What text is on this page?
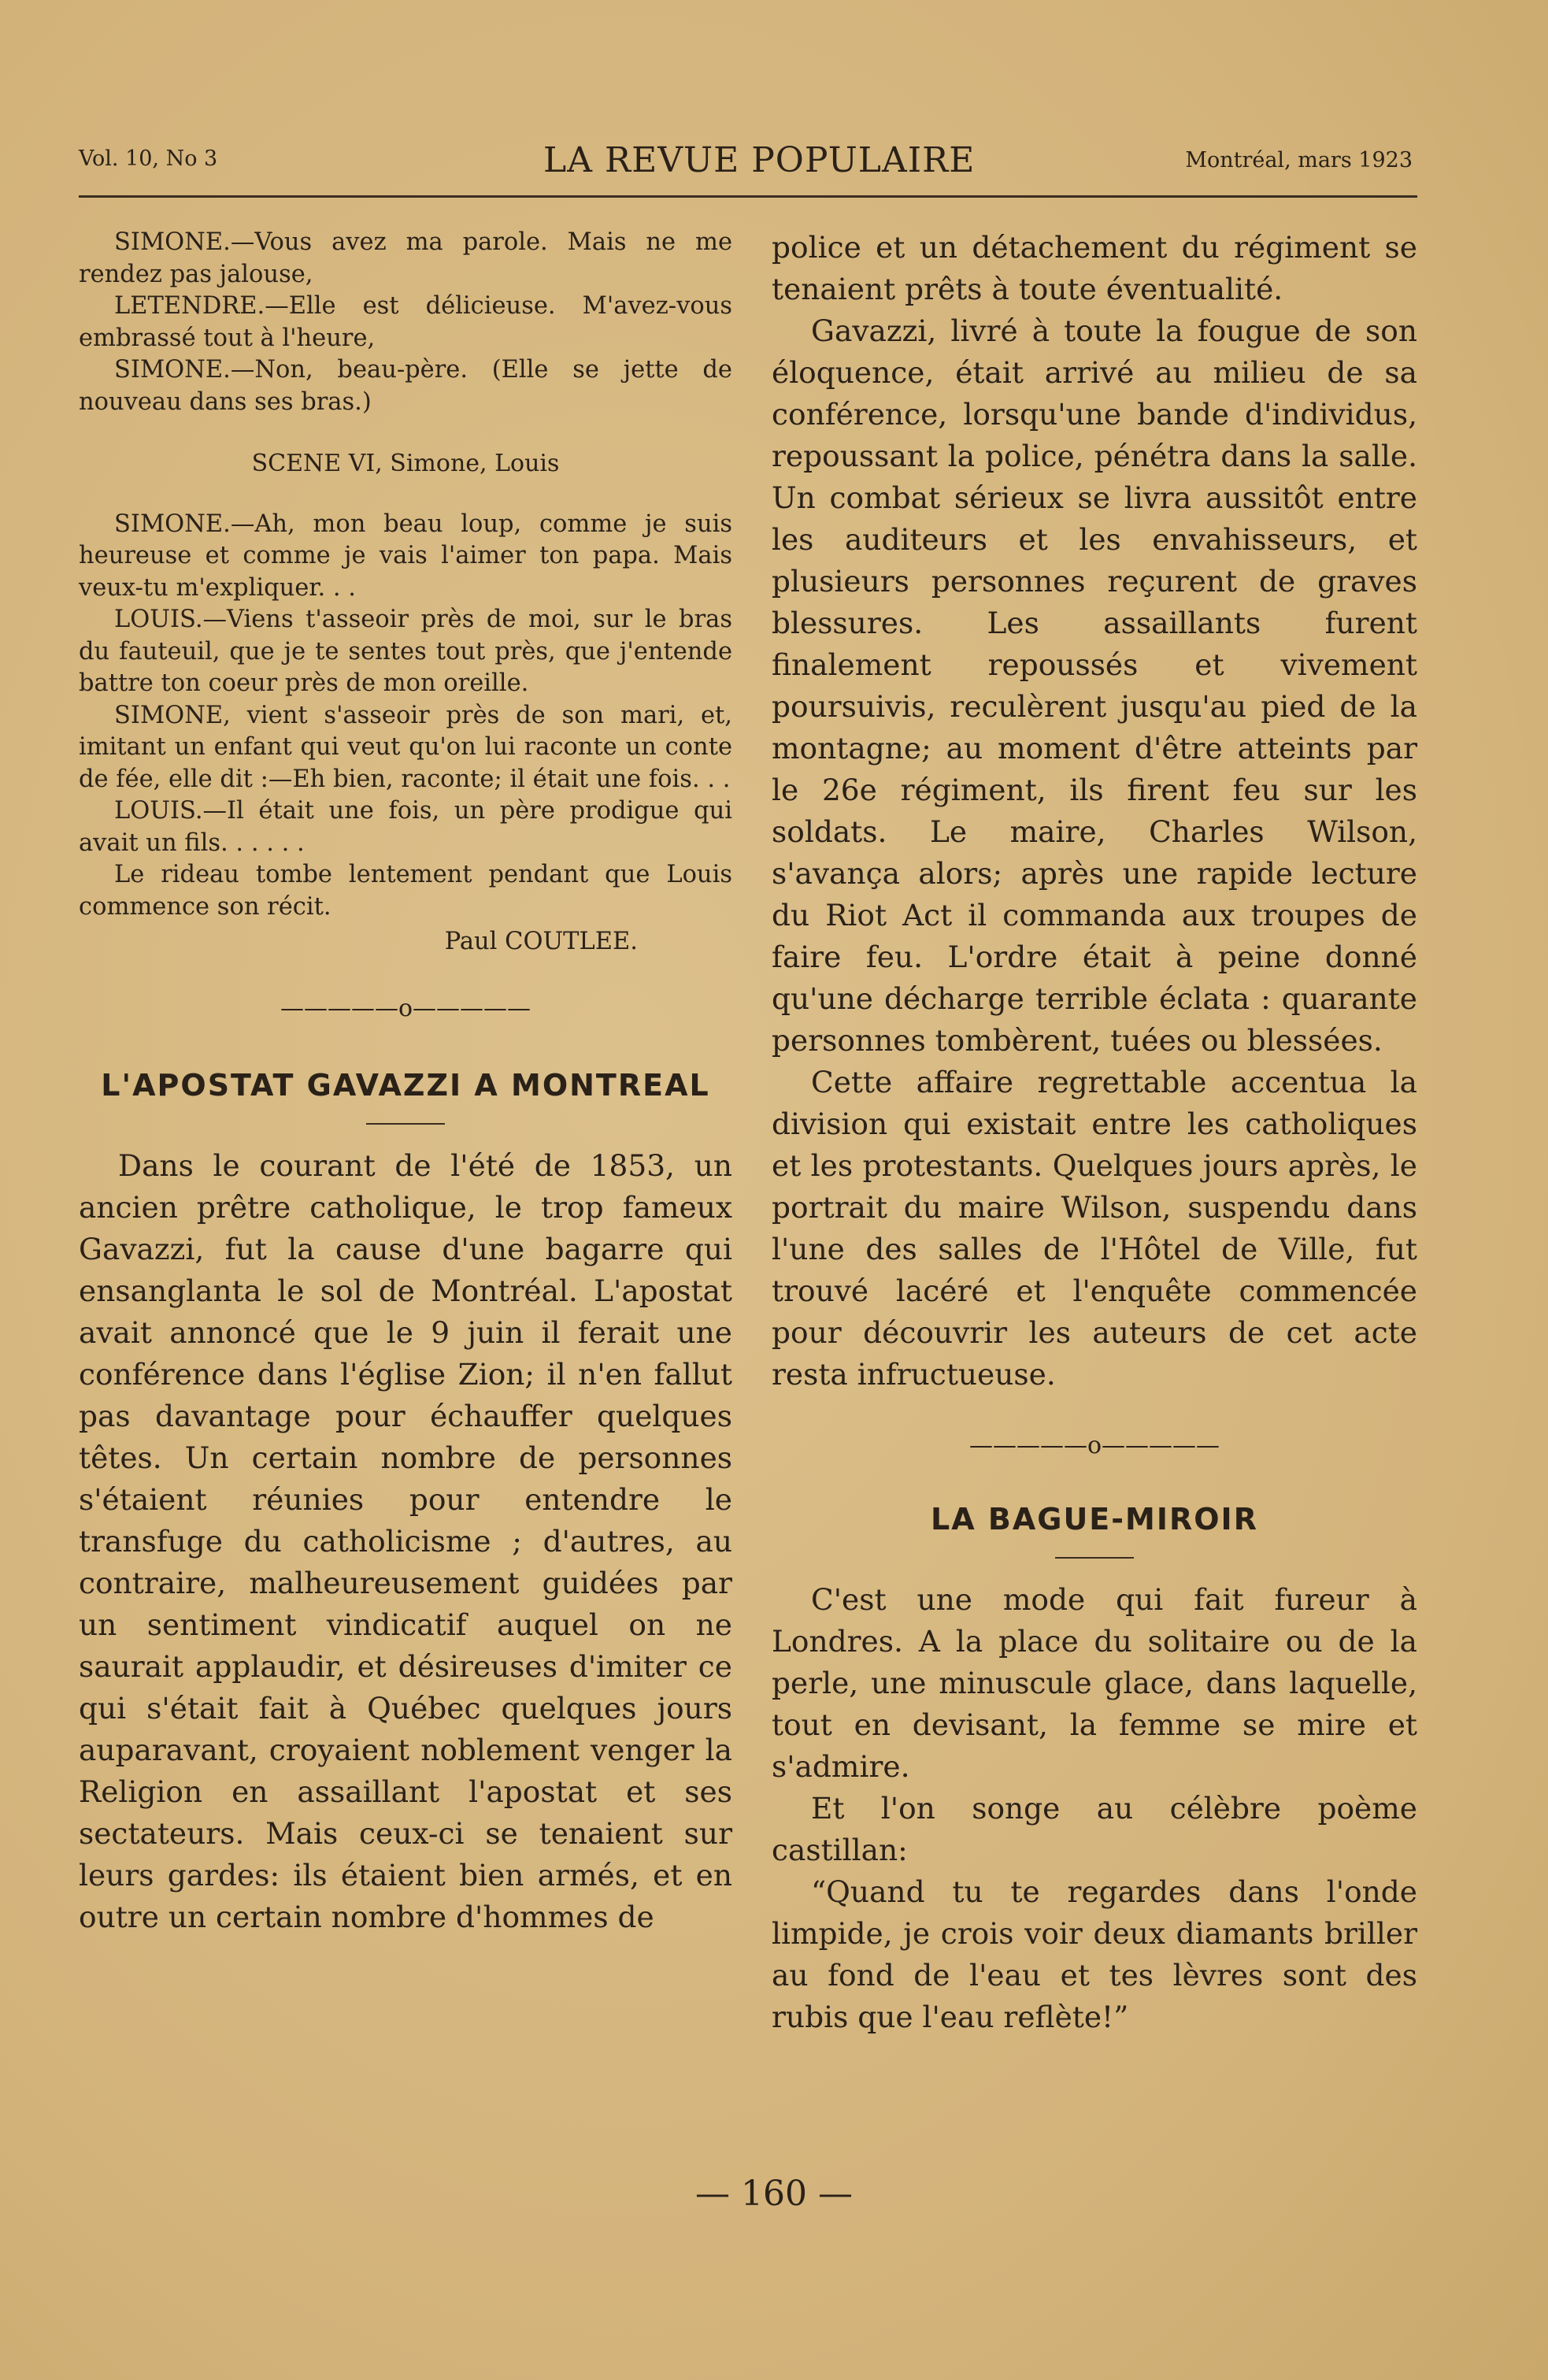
Vol. 10, No 3	LA REVUE POPULAIRE	Montréal, mars 1923

SIMONE.—Vous avez ma parole. Mais ne me rendez pas jalouse,

LETENDRE.—Elle est délicieuse. M'avez-vous embrassé tout à l'heure,

SIMONE.—Non, beau-père. (Elle se jette de nouveau dans ses bras.)

SCENE VI, Simone, Louis

SIMONE.—Ah, mon beau loup, comme je suis heureuse et comme je vais l'aimer ton papa. Mais veux-tu m'expliquer. . .

LOUIS.—Viens t'asseoir près de moi, sur le bras du fauteuil, que je te sentes tout près, que j'entende battre ton coeur près de mon oreille.

SIMONE, vient s'asseoir près de son mari, et, imitant un enfant qui veut qu'on lui raconte un conte de fée, elle dit :—Eh bien, raconte; il était une fois. . .

LOUIS.—Il était une fois, un père prodigue qui avait un fils. . . . . .

Le rideau tombe lentement pendant que Louis commence son récit.

Paul COUTLEE.
—————o—————
L'APOSTAT GAVAZZI A MONTREAL

Dans le courant de l'été de 1853, un ancien prêtre catholique, le trop fameux Gavazzi, fut la cause d'une bagarre qui ensanglanta le sol de Montréal. L'apostat avait annoncé que le 9 juin il ferait une conférence dans l'église Zion; il n'en fallut pas davantage pour échauffer quelques têtes. Un certain nombre de personnes s'étaient réunies pour entendre le transfuge du catholicisme ; d'autres, au contraire, malheureusement guidées par un sentiment vindicatif auquel on ne saurait applaudir, et désireuses d'imiter ce qui s'était fait à Québec quelques jours auparavant, croyaient noblement venger la Religion en assaillant l'apostat et ses sectateurs. Mais ceux-ci se tenaient sur leurs gardes: ils étaient bien armés, et en outre un certain nombre d'hommes de

police et un détachement du régiment se tenaient prêts à toute éventualité.

Gavazzi, livré à toute la fougue de son éloquence, était arrivé au milieu de sa conférence, lorsqu'une bande d'individus, repoussant la police, pénétra dans la salle. Un combat sérieux se livra aussitôt entre les auditeurs et les envahisseurs, et plusieurs personnes reçurent de graves blessures. Les assaillants furent finalement repoussés et vivement poursuivis, reculèrent jusqu'au pied de la montagne; au moment d'être atteints par le 26e régiment, ils firent feu sur les soldats. Le maire, Charles Wilson, s'avança alors; après une rapide lecture du Riot Act il commanda aux troupes de faire feu. L'ordre était à peine donné qu'une décharge terrible éclata : quarante personnes tombèrent, tuées ou blessées.

Cette affaire regrettable accentua la division qui existait entre les catholiques et les protestants. Quelques jours après, le portrait du maire Wilson, suspendu dans l'une des salles de l'Hôtel de Ville, fut trouvé lacéré et l'enquête commencée pour découvrir les auteurs de cet acte resta infructueuse.

—————o—————
LA BAGUE-MIROIR

C'est une mode qui fait fureur à Londres. A la place du solitaire ou de la perle, une minuscule glace, dans laquelle, tout en devisant, la femme se mire et s'admire.

Et l'on songe au célèbre poème castillan:

“Quand tu te regardes dans l'onde limpide, je crois voir deux diamants briller au fond de l'eau et tes lèvres sont des rubis que l'eau reflète!”

— 160 —
